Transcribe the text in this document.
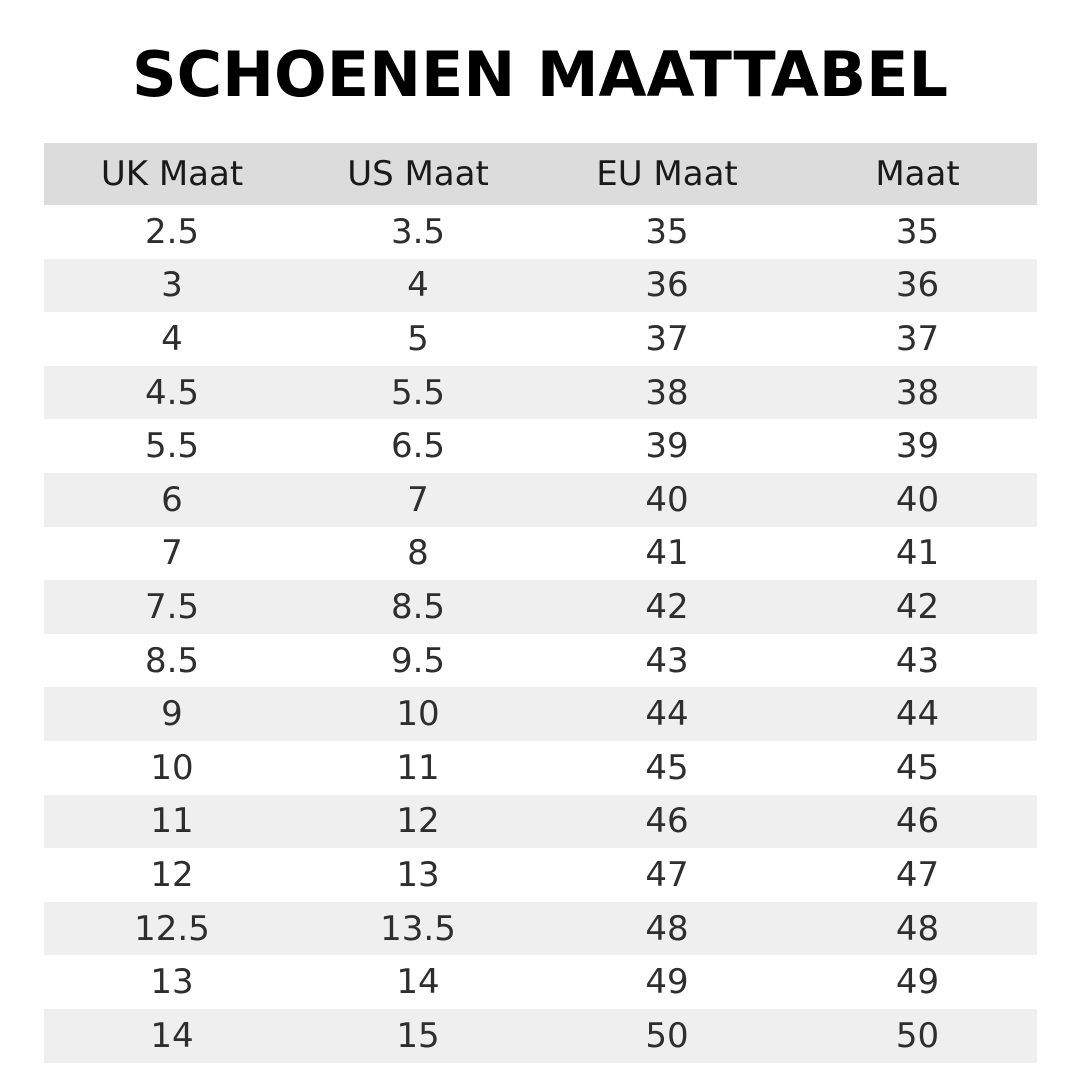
SCHOENEN MAATTABEL
UK Maat	US Maat	EU Maat	Maat
2.5	3.5	35	35
3	4	36	36
4	5	37	37
4.5	5.5	38	38
5.5	6.5	39	39
6	7	40	40
7	8	41	41
7.5	8.5	42	42
8.5	9.5	43	43
9	10	44	44
10	11	45	45
11	12	46	46
12	13	47	47
12.5	13.5	48	48
13	14	49	49
14	15	50	50
